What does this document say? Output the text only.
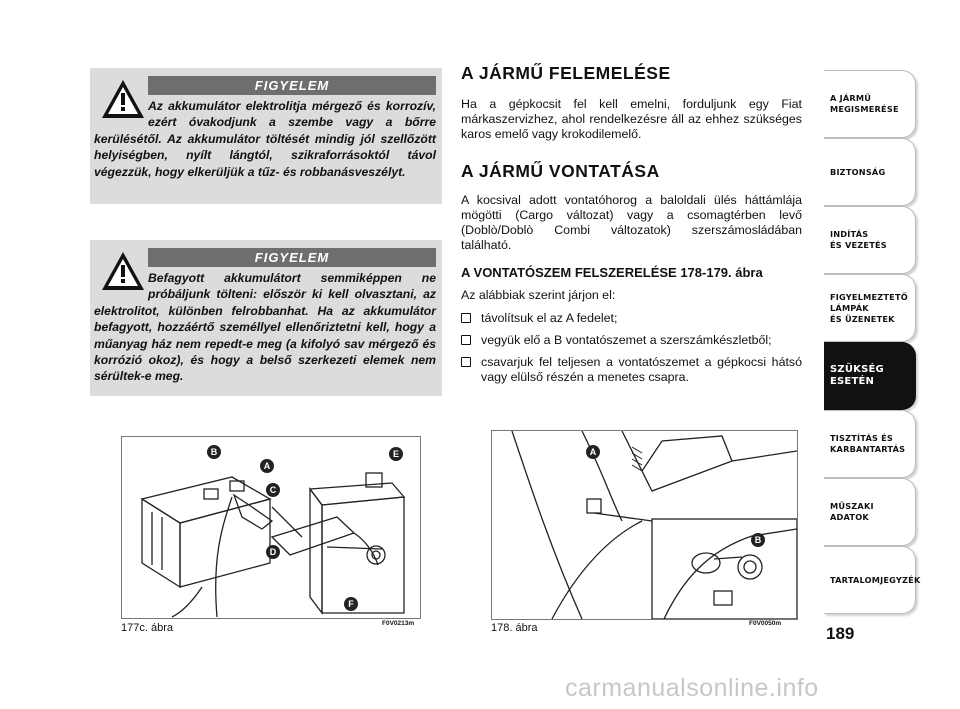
FIGYELEM
Az akkumulátor elektrolitja mérgező és korrozív, ezért óvakodjunk a szembe vagy a bőrre kerülésétől. Az akkumulátor töltését mindig jól szellőzött helyiségben, nyílt lángtól, szikraforrásoktól távol végezzük, hogy elkerüljük a tűz- és robbanásveszélyt.
FIGYELEM
Befagyott akkumulátort semmiképpen ne próbáljunk tölteni: először ki kell olvasztani, az elektrolitot, különben felrobbanhat. Ha az akkumulátor befagyott, hozzáértő személlyel ellenőriztetni kell, hogy a műanyag ház nem repedt-e meg (a kifolyó sav mérgező és korrózió okoz), és hogy a belső szerkezeti elemek nem sérültek-e meg.
A JÁRMŰ FELEMELÉSE

Ha a gépkocsit fel kell emelni, forduljunk egy Fiat márkaszervizhez, ahol rendelkezésre áll az ehhez szükséges karos emelő vagy krokodilemelő.

A JÁRMŰ VONTATÁSA

A kocsival adott vontatóhorog a baloldali ülés háttámlája mögötti (Cargo változat) vagy a csomagtérben levő (Doblò/Doblò Combi változatok) szerszámosládában található.

A VONTATÓSZEM FELSZERELÉSE 178-179. ábra

Az alábbiak szerint járjon el:

távolítsuk el az A fedelet;
vegyük elő a B vontatószemet a szerszámkészletből;
csavarjuk fel teljesen a vontatószemet a gépkocsi hátsó vagy elülső részén a menetes csapra.
B
A
C
D
E
F
177c. ábra	F0V0213m
A
B
178. ábra	F0V0050m
A JÁRMŰ
MEGISMERÉSE
BIZTONSÁG
INDÍTÁS
ÉS VEZETÉS
FIGYELMEZTETŐ
LÁMPÁK
ÉS ÜZENETEK
SZÜKSÉG
ESETÉN
TISZTÍTÁS ÉS
KARBANTARTÁS
MŰSZAKI
ADATOK
TARTALOMJEGYZÉK
189
carmanualsonline.info
